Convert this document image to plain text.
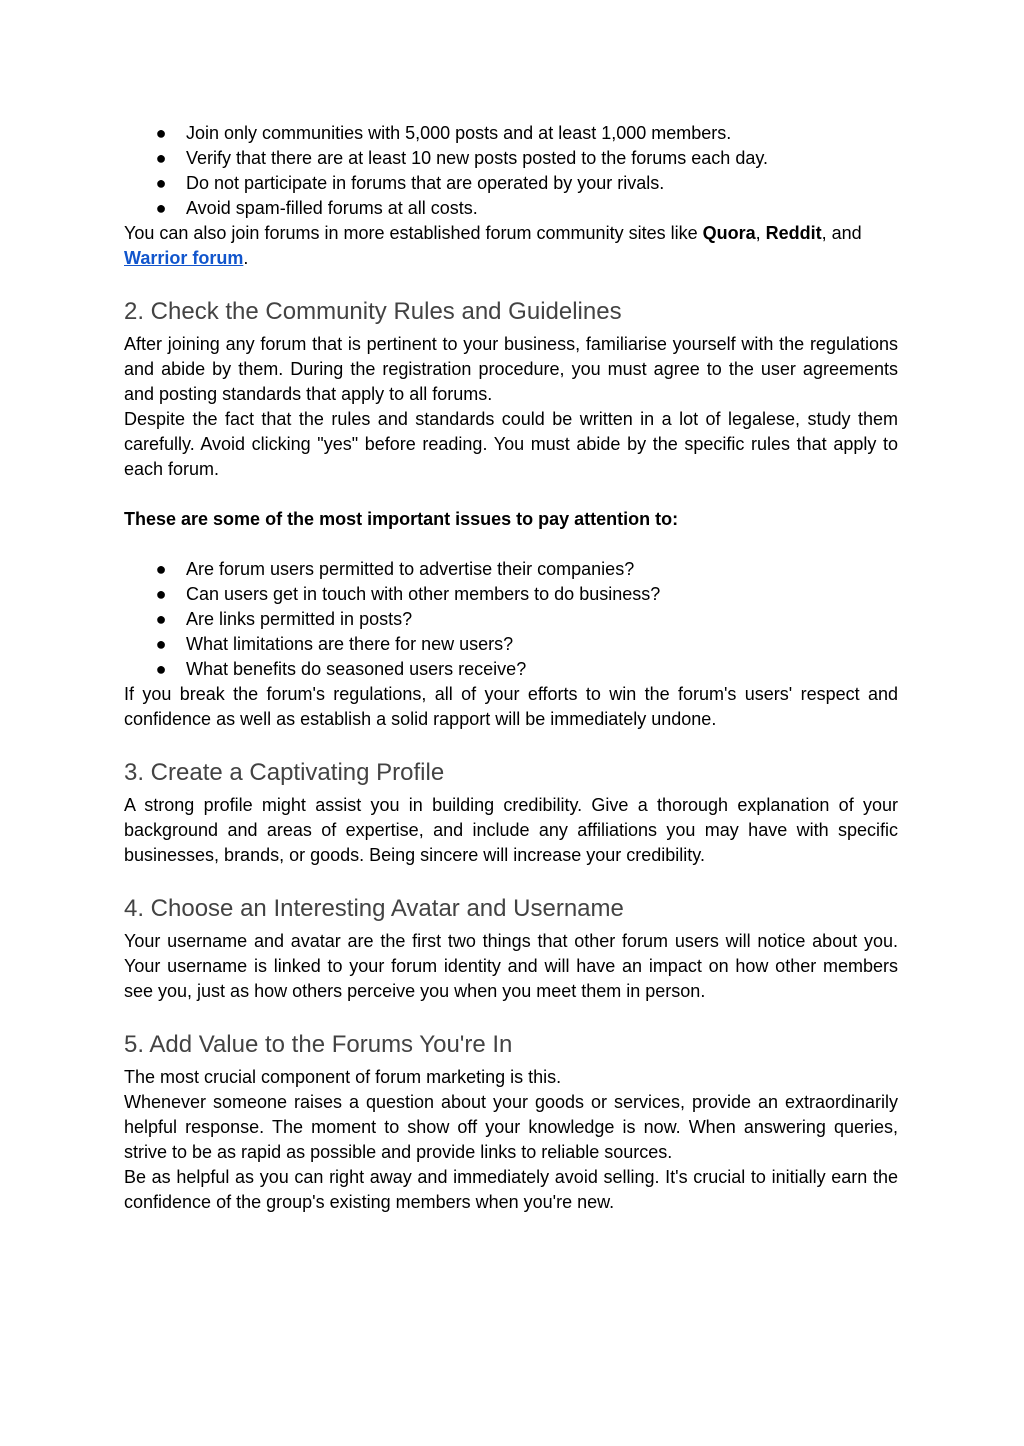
● Join only communities with 5,000 posts and at least 1,000 members.
● Verify that there are at least 10 new posts posted to the forums each day.
● Do not participate in forums that are operated by your rivals.
● Avoid spam-filled forums at all costs.

You can also join forums in more established forum community sites like Quora, Reddit, and
Warrior forum.

2. Check the Community Rules and Guidelines

After joining any forum that is pertinent to your business, familiarise yourself with the regulations and abide by them. During the registration procedure, you must agree to the user agreements and posting standards that apply to all forums.

Despite the fact that the rules and standards could be written in a lot of legalese, study them carefully. Avoid clicking "yes" before reading. You must abide by the specific rules that apply to each forum.

These are some of the most important issues to pay attention to:

● Are forum users permitted to advertise their companies?
● Can users get in touch with other members to do business?
● Are links permitted in posts?
● What limitations are there for new users?
● What benefits do seasoned users receive?

If you break the forum's regulations, all of your efforts to win the forum's users' respect and confidence as well as establish a solid rapport will be immediately undone.

3. Create a Captivating Profile

A strong profile might assist you in building credibility. Give a thorough explanation of your background and areas of expertise, and include any affiliations you may have with specific businesses, brands, or goods. Being sincere will increase your credibility.

4. Choose an Interesting Avatar and Username

Your username and avatar are the first two things that other forum users will notice about you. Your username is linked to your forum identity and will have an impact on how other members see you, just as how others perceive you when you meet them in person.

5. Add Value to the Forums You're In

The most crucial component of forum marketing is this.

Whenever someone raises a question about your goods or services, provide an extraordinarily helpful response. The moment to show off your knowledge is now. When answering queries, strive to be as rapid as possible and provide links to reliable sources.

Be as helpful as you can right away and immediately avoid selling. It's crucial to initially earn the confidence of the group's existing members when you're new.
